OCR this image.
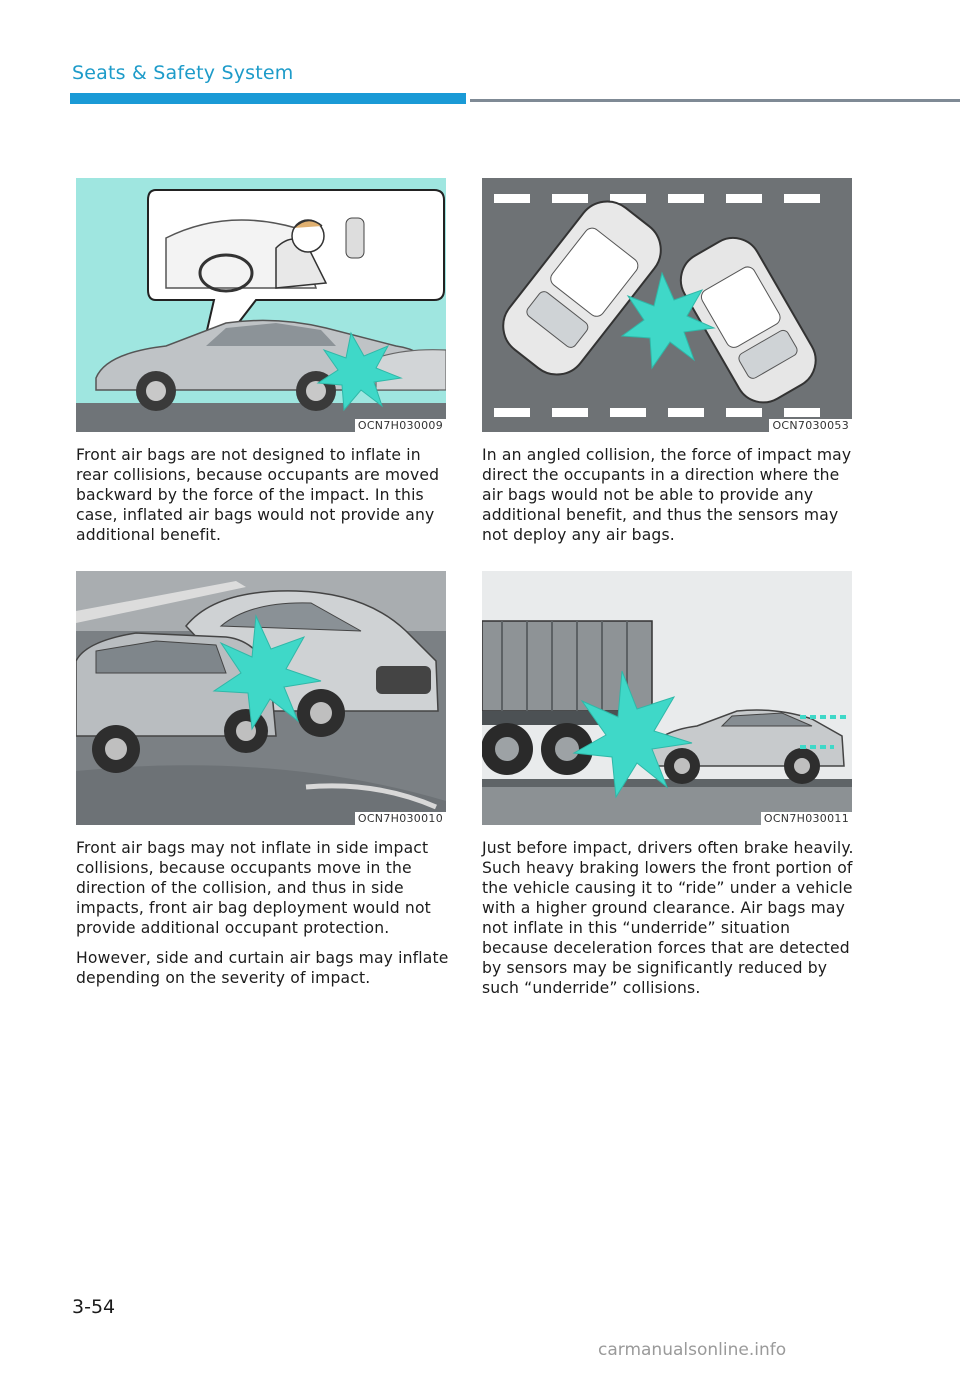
Seats & Safety System
OCN7H030009	OCN7030053
OCN7H030010	OCN7H030011

Front air bags are not designed to inflate in rear collisions, because occupants are moved backward by the force of the impact. In this case, inflated air bags would not provide any additional benefit.

In an angled collision, the force of impact may direct the occupants in a direction where the air bags would not be able to provide any additional benefit, and thus the sensors may not deploy any air bags.

Front air bags may not inflate in side impact collisions, because occupants move in the direction of the collision, and thus in side impacts, front air bag deployment would not provide additional occupant protection.

However, side and curtain air bags may inflate depending on the severity of impact.

Just before impact, drivers often brake heavily. Such heavy braking lowers the front portion of the vehicle causing it to “ride” under a vehicle with a higher ground clearance. Air bags may not inflate in this “underride” situation because deceleration forces that are detected by sensors may be significantly reduced by such “underride” collisions.

3-54
carmanualsonline.info
